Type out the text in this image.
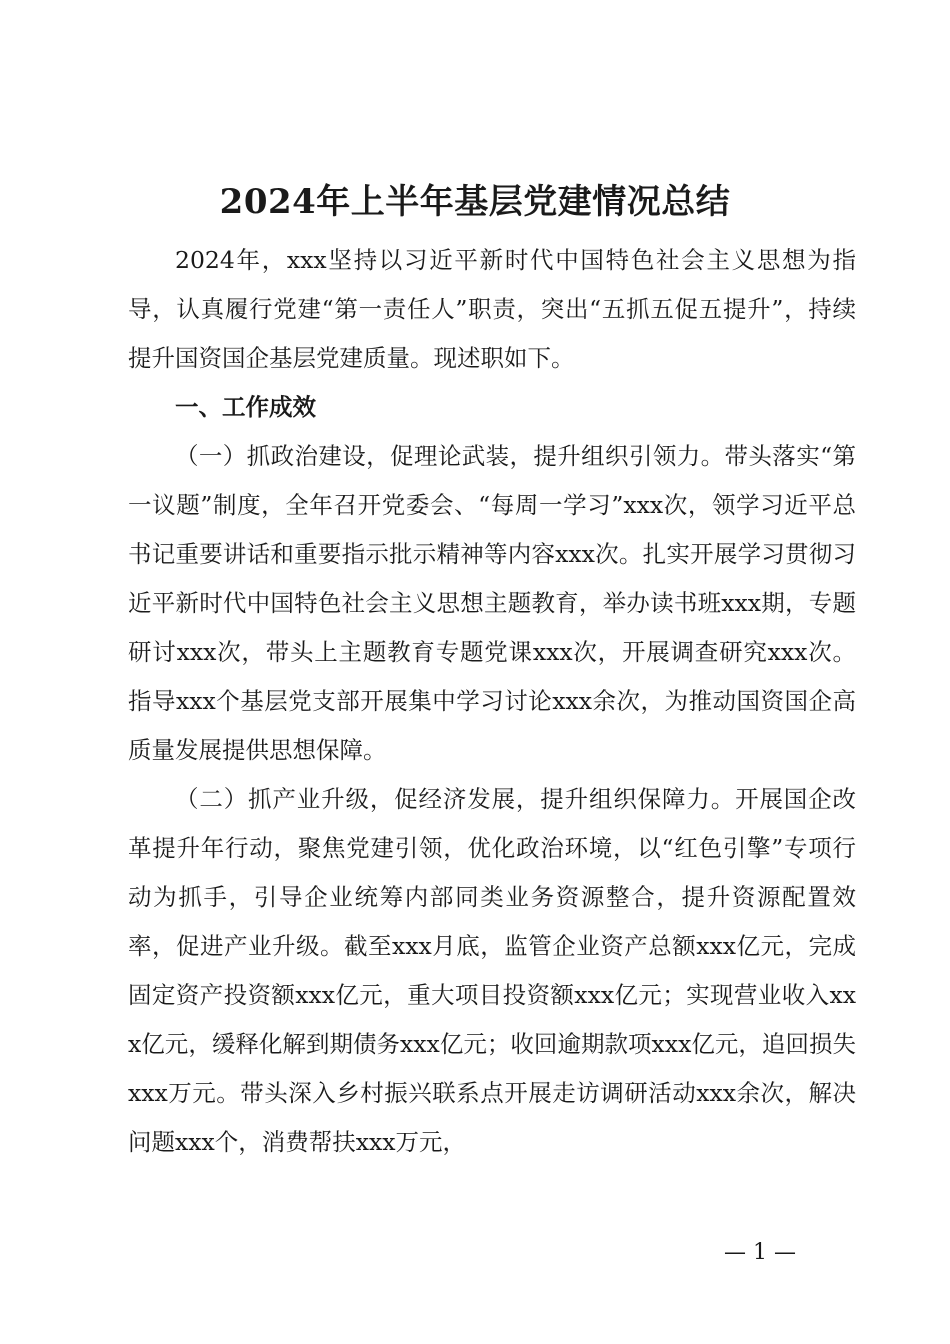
2024年上半年基层党建情况总结

2024年，xxx坚持以习近平新时代中国特色社会主义思想为指导，认真履行党建“第一责任人”职责，突出“五抓五促五提升”，持续提升国资国企基层党建质量。现述职如下。

一、工作成效

（一）抓政治建设，促理论武装，提升组织引领力。带头落实“第一议题”制度，全年召开党委会、“每周一学习”xxx次，领学习近平总书记重要讲话和重要指示批示精神等内容xxx次。扎实开展学习贯彻习近平新时代中国特色社会主义思想主题教育，举办读书班xxx期，专题研讨xxx次，带头上主题教育专题党课xxx次，开展调查研究xxx次。指导xxx个基层党支部开展集中学习讨论xxx余次，为推动国资国企高质量发展提供思想保障。

（二）抓产业升级，促经济发展，提升组织保障力。开展国企改革提升年行动，聚焦党建引领，优化政治环境，以“红色引擎”专项行动为抓手，引导企业统筹内部同类业务资源整合，提升资源配置效率，促进产业升级。截至xxx月底，监管企业资产总额xxx亿元，完成固定资产投资额xxx亿元，重大项目投资额xxx亿元；实现营业收入xxx亿元，缓释化解到期债务xxx亿元；收回逾期款项xxx亿元，追回损失xxx万元。带头深入乡村振兴联系点开展走访调研活动xxx余次，解决问题xxx个，消费帮扶xxx万元，

— 1 —
